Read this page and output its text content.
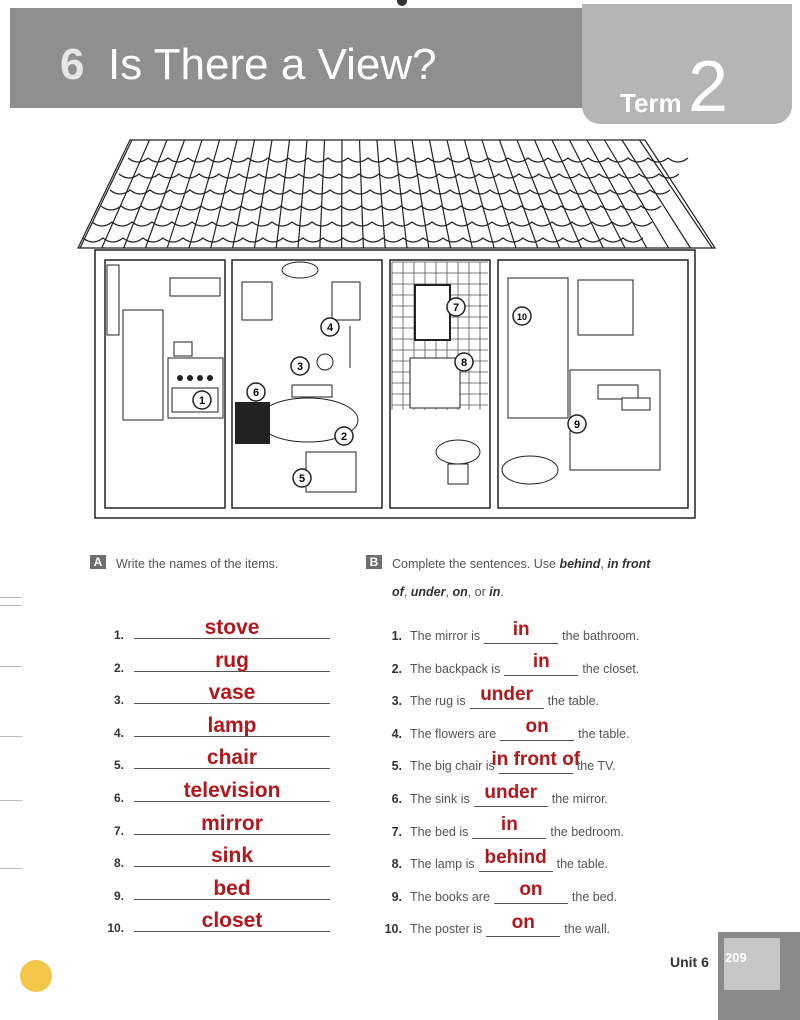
6 Is There a View?
Term 2
1
2
3
4
5
6
7
8
9
10
A Write the names of the items.
1.	stove
2.	rug
3.	vase
4.	lamp
5.	chair
6.	television
7.	mirror
8.	sink
9.	bed
10.	closet
B Complete the sentences. Use behind, in front
of, under, on, or in.
1. The mirror is in	the bathroom.
2. The backpack is in	the closet.
3. The rug is under the table.
4. The flowers are on the table.
5. The big chair is
in front of
the TV.
6. The sink is under the mirror.
7. The bed is in	the bedroom.
8. The lamp is behind the table.
9. The books are on the bed.
10. The poster is on the wall.
Unit 6 209
